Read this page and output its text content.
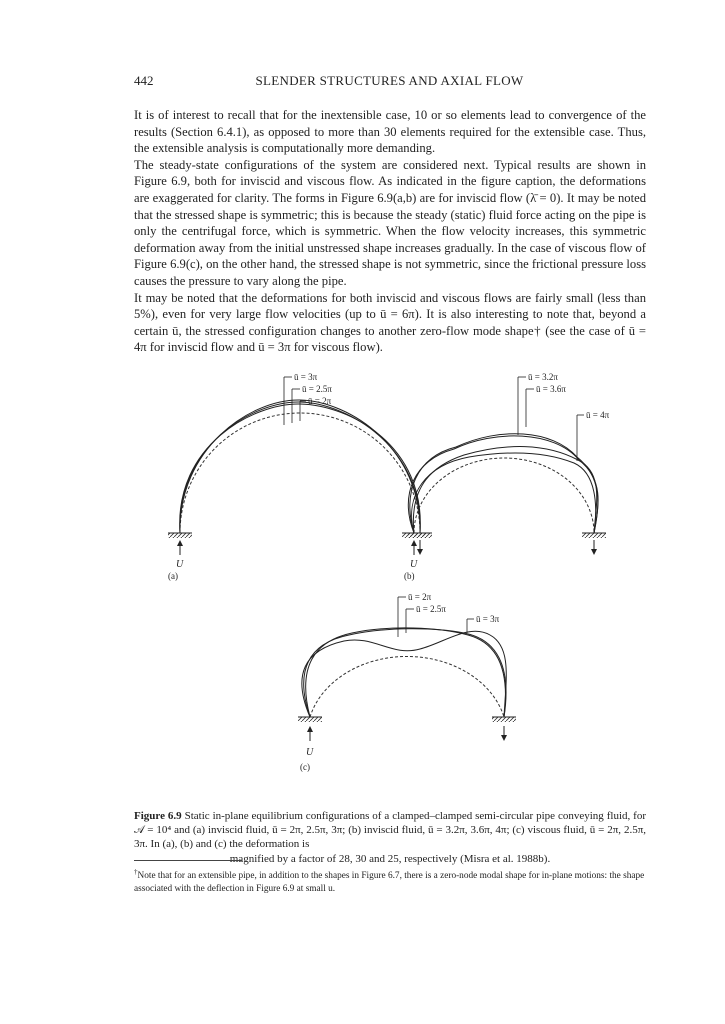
442	SLENDER STRUCTURES AND AXIAL FLOW

It is of interest to recall that for the inextensible case, 10 or so elements lead to convergence of the results (Section 6.4.1), as opposed to more than 30 elements required for the extensible case. Thus, the extensible analysis is computationally more demanding.

The steady-state configurations of the system are considered next. Typical results are shown in Figure 6.9, both for inviscid and viscous flow. As indicated in the figure caption, the deformations are exaggerated for clarity. The forms in Figure 6.9(a,b) are for inviscid flow (λ̄ = 0). It may be noted that the stressed shape is symmetric; this is because the steady (static) fluid force acting on the pipe is only the centrifugal force, which is symmetric. When the flow velocity increases, this symmetric deformation away from the initial unstressed shape increases gradually. In the case of viscous flow of Figure 6.9(c), on the other hand, the stressed shape is not symmetric, since the frictional pressure loss causes the pressure to vary along the pipe.

It may be noted that the deformations for both inviscid and viscous flows are fairly small (less than 5%), even for very large flow velocities (up to ū = 6π). It is also interesting to note that, beyond a certain ū, the stressed configuration changes to another zero-flow mode shape† (see the case of ū = 4π for inviscid flow and ū = 3π for viscous flow).

ū = 3π
ū = 2.5π
ū = 2π
U
(a)
ū = 3.2π
ū = 3.6π
ū = 4π
U
(b)
ū = 2π
ū = 2.5π
ū = 3π
U
(c)
Figure 6.9 Static in-plane equilibrium configurations of a clamped–clamped semi-circular pipe conveying fluid, for 𝒜 = 10⁴ and (a) inviscid fluid, ū = 2π, 2.5π, 3π; (b) inviscid fluid, ū = 3.2π, 3.6π, 4π; (c) viscous fluid, ū = 2π, 2.5π, 3π. In (a), (b) and (c) the deformation is
magnified by a factor of 28, 30 and 25, respectively (Misra et al. 1988b).
†Note that for an extensible pipe, in addition to the shapes in Figure 6.7, there is a zero-node modal shape for in-plane motions: the shape associated with the deflection in Figure 6.9 at small u.
